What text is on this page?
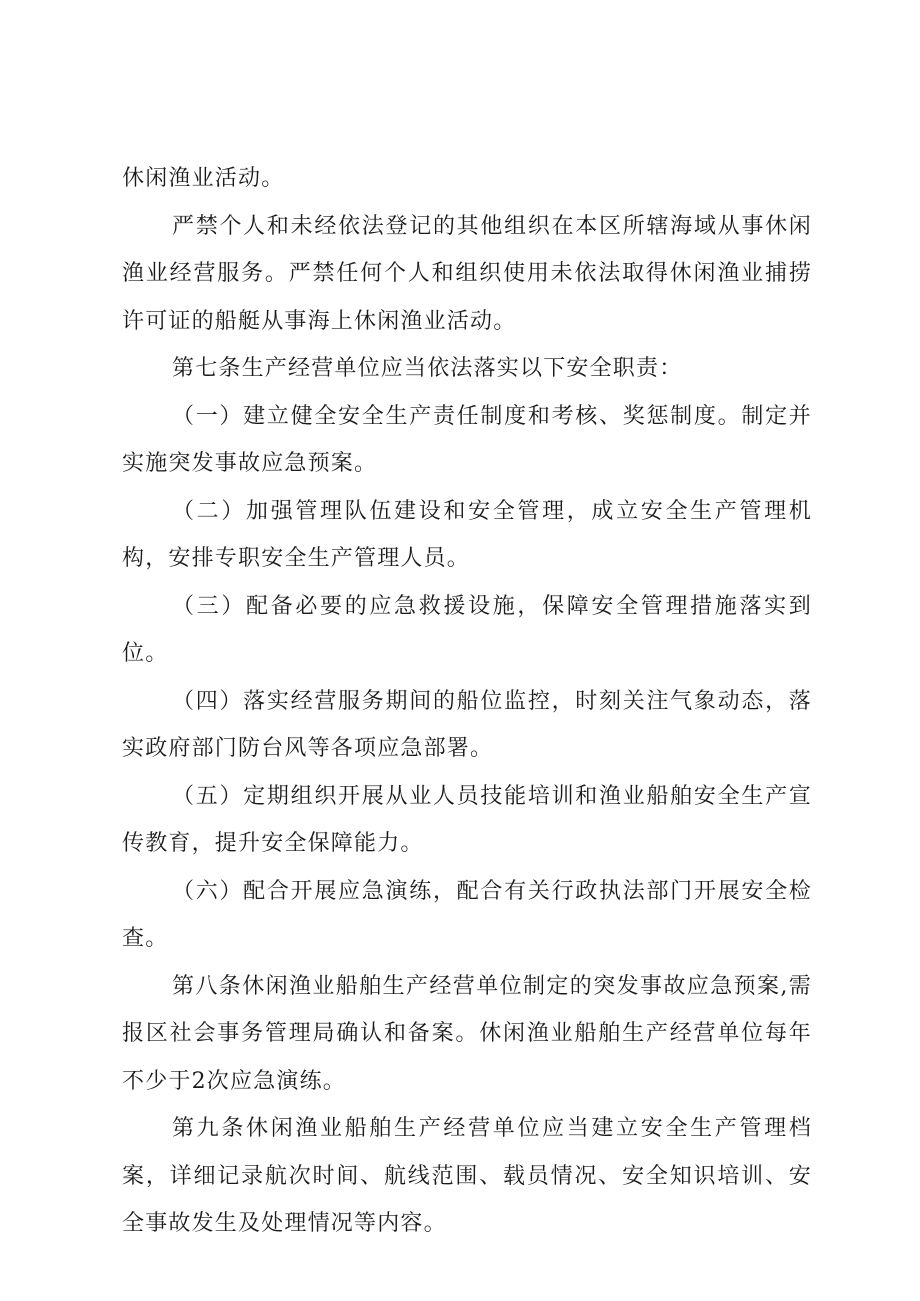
休闲渔业活动。

严禁个人和未经依法登记的其他组织在本区所辖海域从事休闲渔业经营服务。严禁任何个人和组织使用未依法取得休闲渔业捕捞许可证的船艇从事海上休闲渔业活动。

第七条生产经营单位应当依法落实以下安全职责：

（一）建立健全安全生产责任制度和考核、奖惩制度。制定并实施突发事故应急预案。

（二）加强管理队伍建设和安全管理，成立安全生产管理机构，安排专职安全生产管理人员。

（三）配备必要的应急救援设施，保障安全管理措施落实到位。

（四）落实经营服务期间的船位监控，时刻关注气象动态，落实政府部门防台风等各项应急部署。

（五）定期组织开展从业人员技能培训和渔业船舶安全生产宣传教育，提升安全保障能力。

（六）配合开展应急演练，配合有关行政执法部门开展安全检查。

第八条休闲渔业船舶生产经营单位制定的突发事故应急预案,需报区社会事务管理局确认和备案。休闲渔业船舶生产经营单位每年不少于2次应急演练。

第九条休闲渔业船舶生产经营单位应当建立安全生产管理档案，详细记录航次时间、航线范围、载员情况、安全知识培训、安全事故发生及处理情况等内容。
